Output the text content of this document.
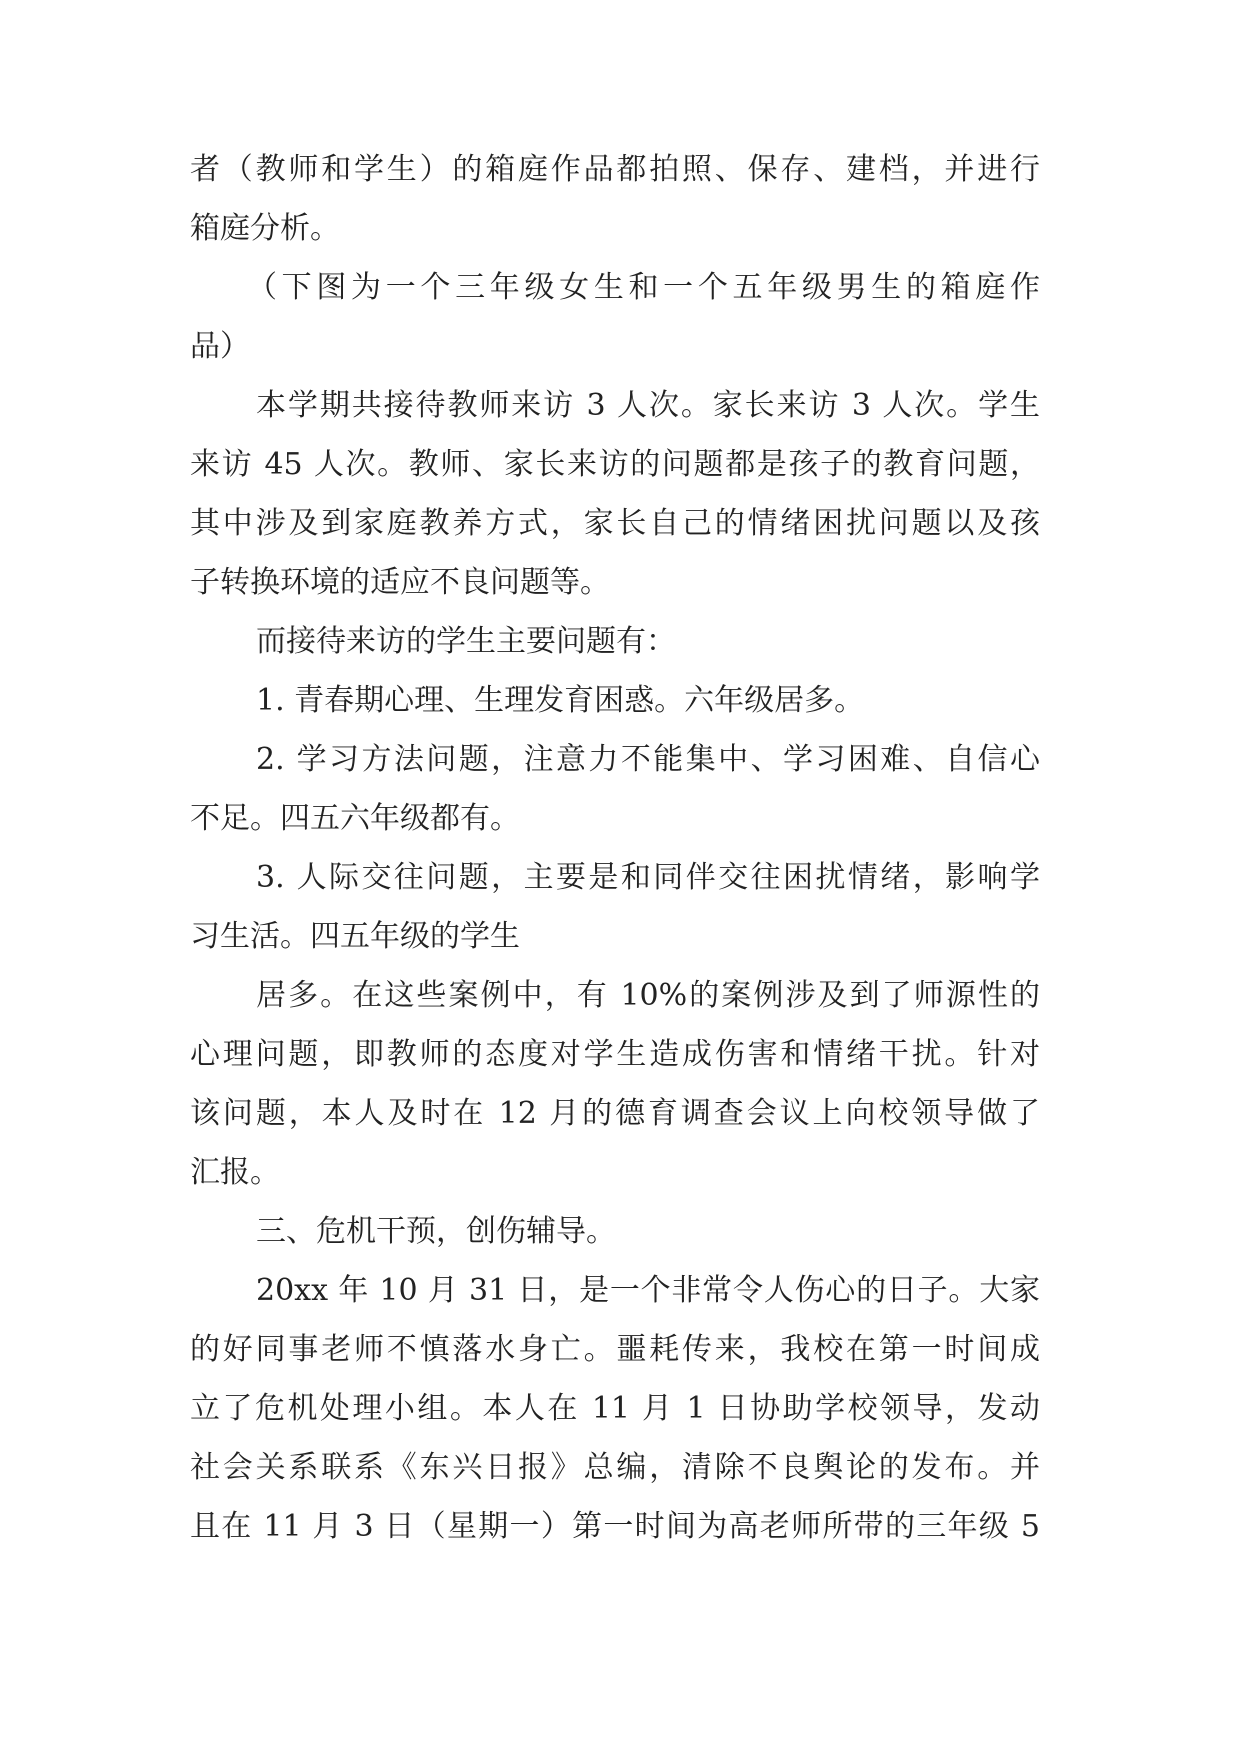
者（教师和学生）的箱庭作品都拍照、保存、建档，并进行
箱庭分析。
（下图为一个三年级女生和一个五年级男生的箱庭作
品）
本学期共接待教师来访 3 人次。家长来访 3 人次。学生
来访 45 人次。教师、家长来访的问题都是孩子的教育问题，
其中涉及到家庭教养方式，家长自己的情绪困扰问题以及孩
子转换环境的适应不良问题等。
而接待来访的学生主要问题有：
1. 青春期心理、生理发育困惑。六年级居多。
2. 学习方法问题，注意力不能集中、学习困难、自信心
不足。四五六年级都有。
3. 人际交往问题，主要是和同伴交往困扰情绪，影响学
习生活。四五年级的学生
居多。在这些案例中，有 10%的案例涉及到了师源性的
心理问题，即教师的态度对学生造成伤害和情绪干扰。针对
该问题，本人及时在 12 月的德育调查会议上向校领导做了
汇报。
三、危机干预，创伤辅导。
20xx 年 10 月 31 日，是一个非常令人伤心的日子。大家
的好同事老师不慎落水身亡。噩耗传来，我校在第一时间成
立了危机处理小组。本人在 11 月 1 日协助学校领导，发动
社会关系联系《东兴日报》总编，清除不良舆论的发布。并
且在 11 月 3 日（星期一）第一时间为高老师所带的三年级 5
